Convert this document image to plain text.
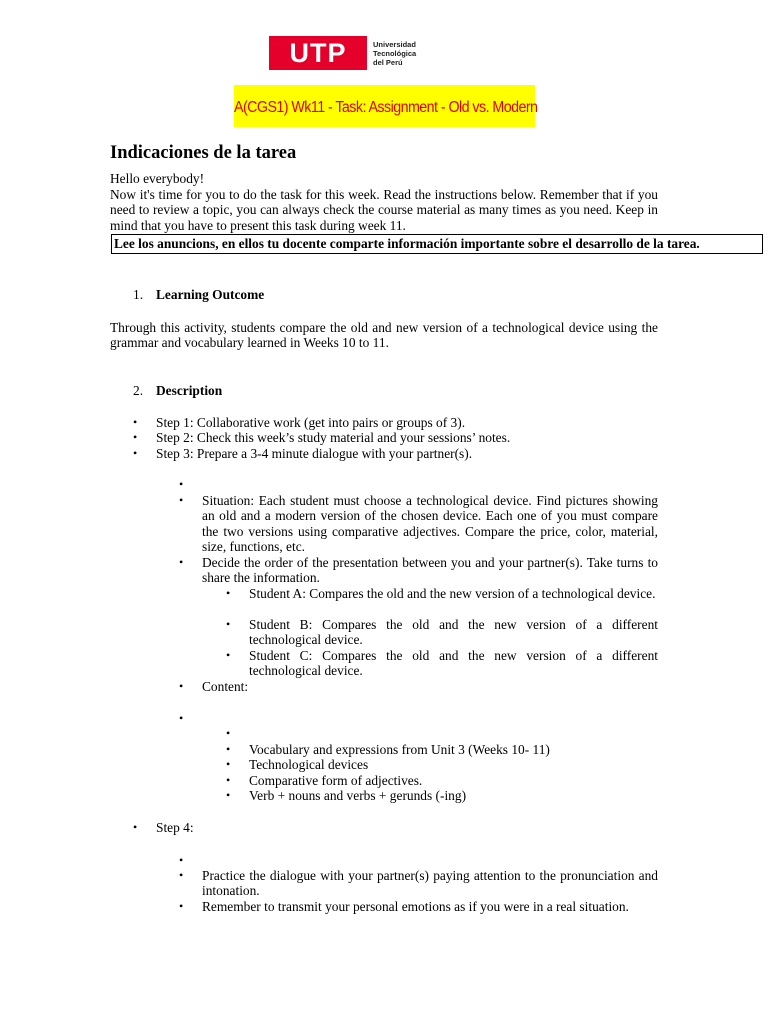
UTP	Universidad
Tecnológica
del Perú
A(CGS1) Wk11 - Task: Assignment - Old vs. Modern
Indicaciones de la tarea
Hello everybody!
Now it's time for you to do the task for this week. Read the instructions below. Remember that if you need to review a topic, you can always check the course material as many times as you need. Keep in mind that you have to present this task during week 11.
Lee los anuncions, en ellos tu docente comparte información importante sobre el desarrollo de la tarea.
1. Learning Outcome
Through this activity, students compare the old and new version of a technological device using the grammar and vocabulary learned in Weeks 10 to 11.
2. Description
• Step 1: Collaborative work (get into pairs or groups of 3).
• Step 2: Check this week’s study material and your sessions’ notes.
• Step 3: Prepare a 3-4 minute dialogue with your partner(s).
•
• Situation: Each student must choose a technological device. Find pictures showing an old and a modern version of the chosen device. Each one of you must compare the two versions using comparative adjectives. Compare the price, color, material, size, functions, etc.
• Decide the order of the presentation between you and your partner(s). Take turns to share the information.
• Student A: Compares the old and the new version of a technological device.
• Student B: Compares the old and the new version of a different technological device.
• Student C: Compares the old and the new version of a different technological device.
• Content:
•
•
• Vocabulary and expressions from Unit 3 (Weeks 10- 11)
• Technological devices
• Comparative form of adjectives.
• Verb + nouns and verbs + gerunds (-ing)
• Step 4:
•
• Practice the dialogue with your partner(s) paying attention to the pronunciation and intonation.
• Remember to transmit your personal emotions as if you were in a real situation.
